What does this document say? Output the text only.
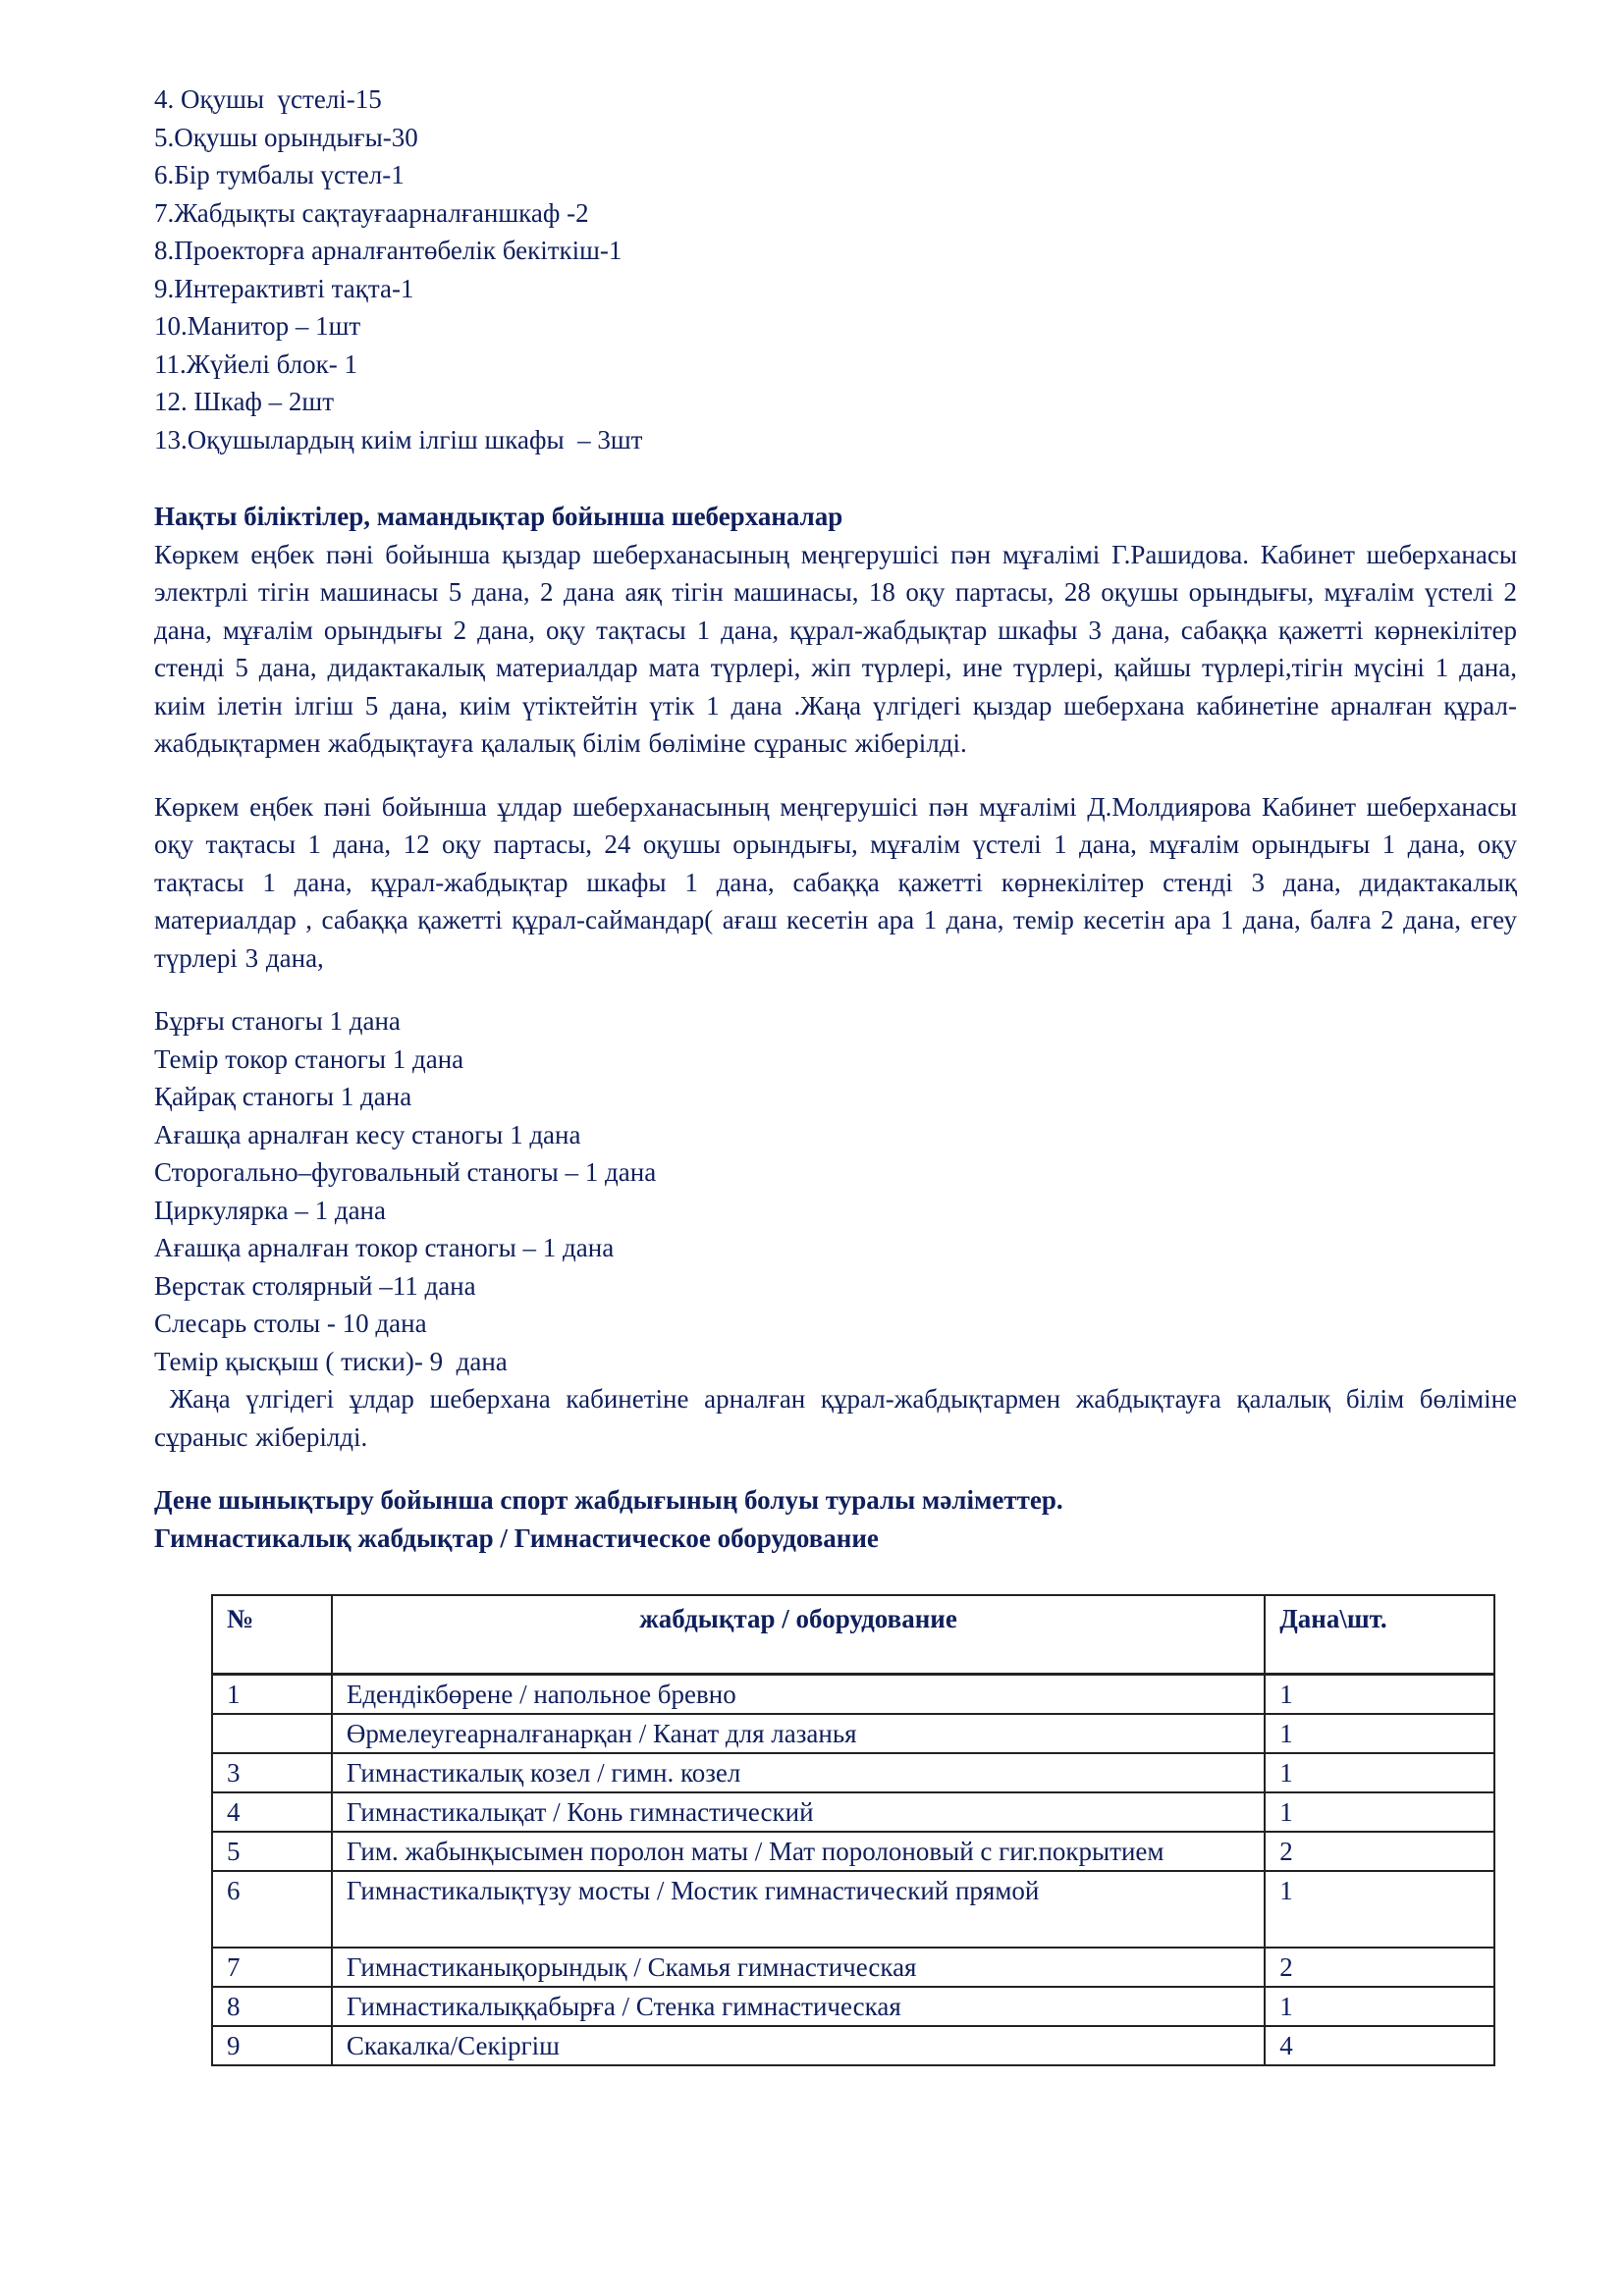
4. Оқушы  үстелі-15
5.Оқушы орындығы-30
6.Бір тумбалы үстел-1
7.Жабдықты сақтауғаарналғаншкаф -2
8.Проекторға арналғантөбелік бекіткіш-1
9.Интерактивті тақта-1
10.Манитор – 1шт
11.Жүйелі блок- 1
12. Шкаф – 2шт
13.Оқушылардың киім ілгіш шкафы  – 3шт
Нақты біліктілер, мамандықтар бойынша шеберханалар

Көркем еңбек пәні бойынша қыздар шеберханасының меңгерушісі пән мұғалімі Г.Рашидова. Кабинет шеберханасы электрлі тігін машинасы 5 дана, 2 дана аяқ тігін машинасы, 18 оқу партасы, 28 оқушы орындығы, мұғалім үстелі 2 дана, мұғалім орындығы 2 дана, оқу тақтасы 1 дана, құрал-жабдықтар шкафы 3 дана, сабаққа қажетті көрнекілітер стенді 5 дана, дидактакалық материалдар мата түрлері, жіп түрлері, ине түрлері, қайшы түрлері,тігін мүсіні 1 дана, киім ілетін ілгіш 5 дана, киім үтіктейтін үтік 1 дана .Жаңа үлгідегі қыздар шеберхана кабинетіне арналған құрал-жабдықтармен жабдықтауға қалалық білім бөліміне сұраныс жіберілді.

Көркем еңбек пәні бойынша ұлдар шеберханасының меңгерушісі пән мұғалімі Д.Молдиярова Кабинет шеберханасы оқу тақтасы 1 дана, 12 оқу партасы, 24 оқушы орындығы, мұғалім үстелі 1 дана, мұғалім орындығы 1 дана, оқу тақтасы 1 дана, құрал-жабдықтар шкафы 1 дана, сабаққа қажетті көрнекілітер стенді 3 дана, дидактакалық материалдар , сабаққа қажетті құрал-саймандар( ағаш кесетін ара 1 дана, темір кесетін ара 1 дана, балға 2 дана, егеу түрлері 3 дана,

Бұрғы станогы 1 дана
Темір токор станогы 1 дана
Қайрақ станогы 1 дана
Ағашқа арналған кесу станогы 1 дана
Сторогально–фуговальный станогы – 1 дана
Циркулярка – 1 дана
Ағашқа арналған токор станогы – 1 дана
Верстак столярный –11 дана
Слесарь столы - 10 дана
Темір қысқыш ( тиски)- 9  дана

Жаңа үлгідегі ұлдар шеберхана кабинетіне арналған құрал-жабдықтармен жабдықтауға қалалық білім бөліміне сұраныс жіберілді.

Дене шынықтыру бойынша спорт жабдығының болуы туралы мәліметтер.
Гимнастикалық жабдықтар / Гимнастическое оборудование
№	жабдықтар / оборудование	Дана\шт.
1	Едендікбөрене / напольное бревно	1
	Өрмелеугеарналғанарқан / Канат для лазанья	1
3	Гимнастикалық козел / гимн. козел	1
4	Гимнастикалықат / Конь гимнастический	1
5	Гим. жабынқысымен поролон маты / Мат поролоновый с гиг.покрытием	2
6	Гимнастикалықтүзу мосты / Мостик гимнастический прямой	1
7	Гимнастиканықорындық / Скамья гимнастическая	2
8	Гимнастикалыққабырға / Стенка гимнастическая	1
9	Скакалка/Секіргіш	4
